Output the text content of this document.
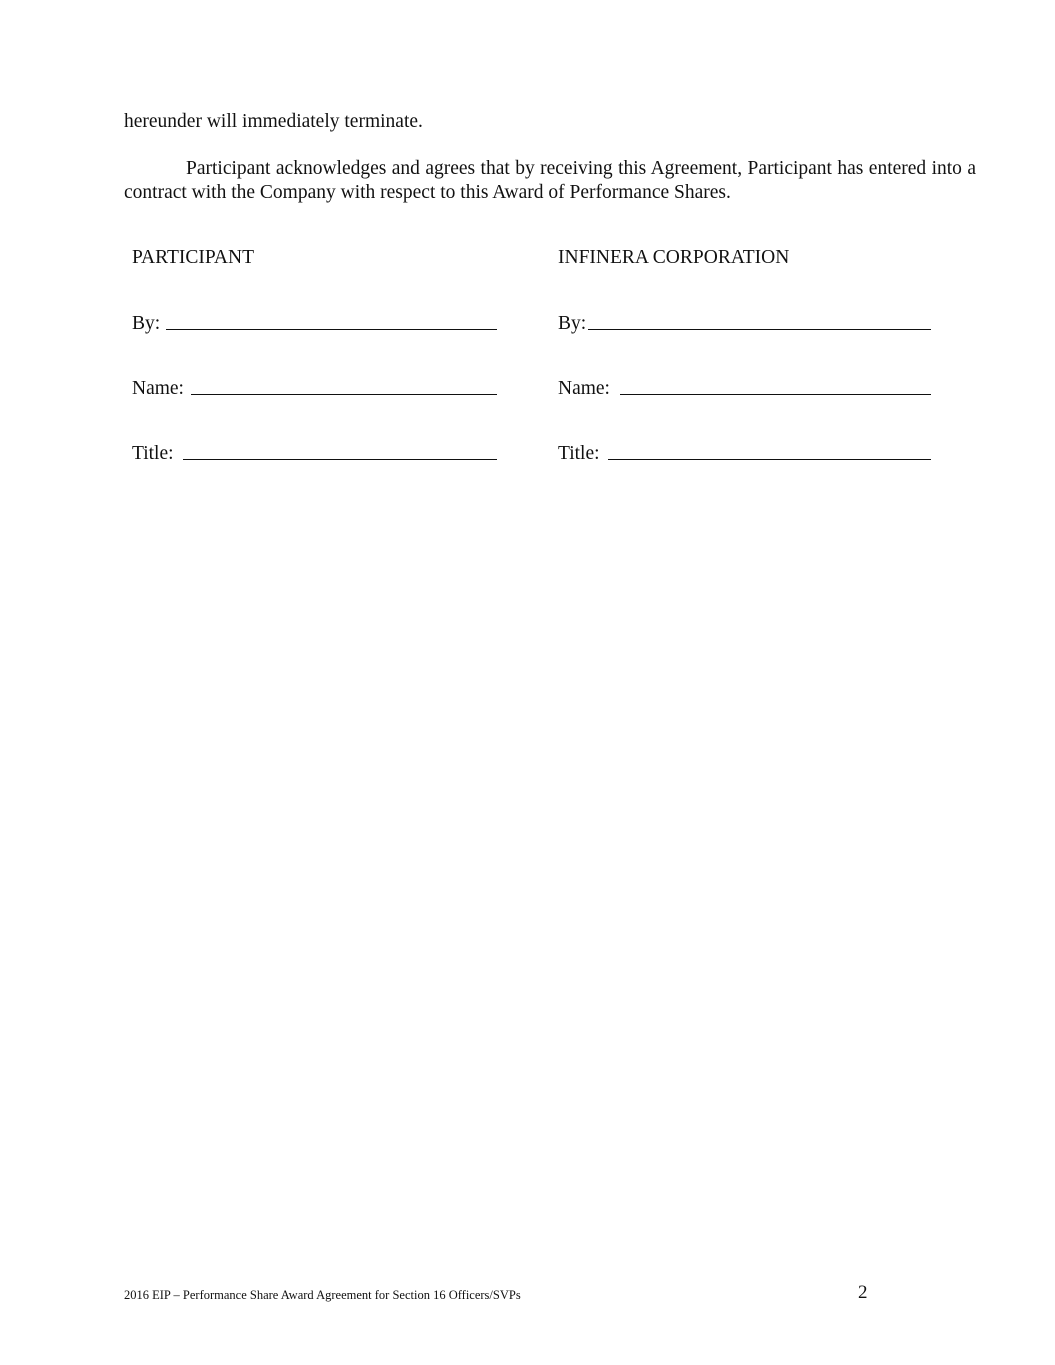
hereunder will immediately terminate.
Participant acknowledges and agrees that by receiving this Agreement, Participant has entered into a contract with the Company with respect to this Award of Performance Shares.
PARTICIPANT
By:
Name:
Title:
INFINERA CORPORATION
By:
Name:
Title:
2016 EIP – Performance Share Award Agreement for Section 16 Officers/SVPs	2
